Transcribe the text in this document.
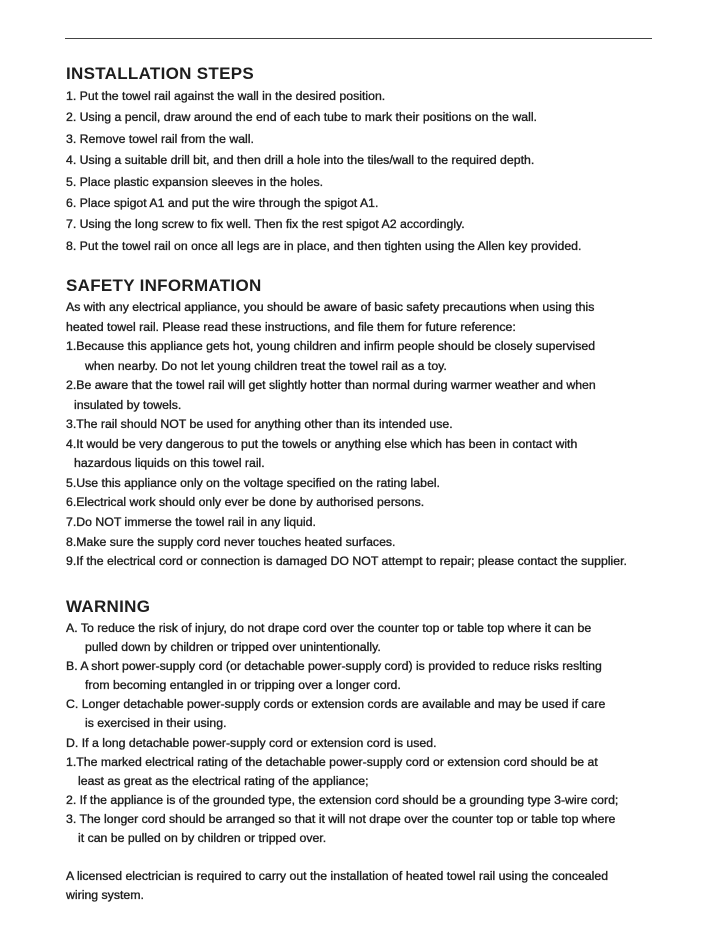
INSTALLATION STEPS
1. Put the towel rail against the wall in the desired position.
2. Using a pencil, draw around the end of each tube to mark their positions on the wall.
3. Remove towel rail from the wall.
4. Using a suitable drill bit, and then drill a hole into the tiles/wall to the required depth.
5. Place plastic expansion sleeves in the holes.
6. Place spigot A1 and put the wire through the spigot A1.
7. Using the long screw to fix well. Then fix the rest spigot A2 accordingly.
8. Put the towel rail on once all legs are in place, and then tighten using the Allen key provided.
SAFETY INFORMATION
As with any electrical appliance, you should be aware of basic safety precautions when using this
heated towel rail. Please read these instructions, and file them for future reference:
1.Because this appliance gets hot, young children and infirm people should be closely supervised
when nearby. Do not let young children treat the towel rail as a toy.
2.Be aware that the towel rail will get slightly hotter than normal during warmer weather and when
insulated by towels.
3.The rail should NOT be used for anything other than its intended use.
4.It would be very dangerous to put the towels or anything else which has been in contact with
hazardous liquids on this towel rail.
5.Use this appliance only on the voltage specified on the rating label.
6.Electrical work should only ever be done by authorised persons.
7.Do NOT immerse the towel rail in any liquid.
8.Make sure the supply cord never touches heated surfaces.
9.If the electrical cord or connection is damaged DO NOT attempt to repair; please contact the supplier.
WARNING
A. To reduce the risk of injury, do not drape cord over the counter top or table top where it can be
pulled down by children or tripped over unintentionally.
B. A short power-supply cord (or detachable power-supply cord) is provided to reduce risks reslting
from becoming entangled in or tripping over a longer cord.
C. Longer detachable power-supply cords or extension cords are available and may be used if care
is exercised in their using.
D. If a long detachable power-supply cord or extension cord is used.
1.The marked electrical rating of the detachable power-supply cord or extension cord should be at
least as great as the electrical rating of the appliance;
2. If the appliance is of the grounded type, the extension cord should be a grounding type 3-wire cord;
3. The longer cord should be arranged so that it will not drape over the counter top or table top where
it can be pulled on by children or tripped over.
A licensed electrician is required to carry out the installation of heated towel rail using the concealed
wiring system.
